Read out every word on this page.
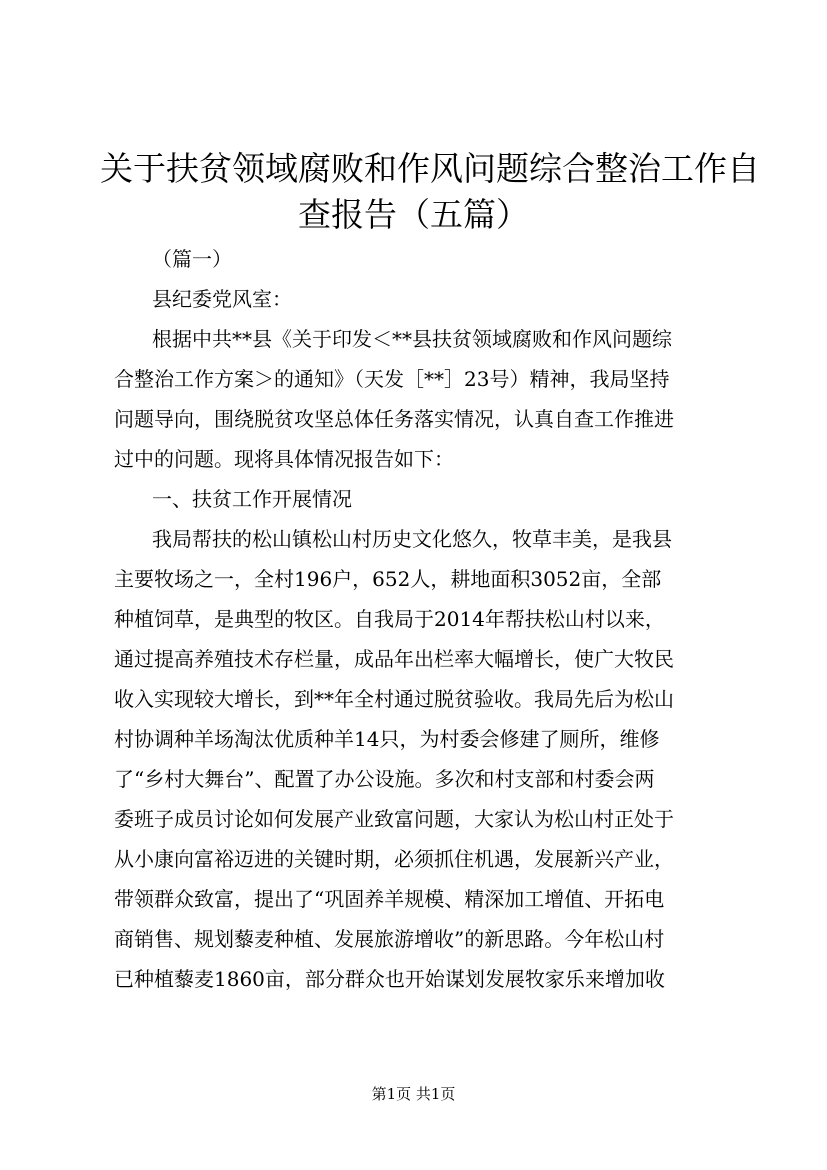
关于扶贫领域腐败和作风问题综合整治工作自
查报告（五篇）
（篇一）
县纪委党风室：
根据中共**县《关于印发＜**县扶贫领域腐败和作风问题综
合整治工作方案＞的通知》（天发［**］23号）精神，我局坚持
问题导向，围绕脱贫攻坚总体任务落实情况，认真自查工作推进
过中的问题。现将具体情况报告如下：
一、扶贫工作开展情况
我局帮扶的松山镇松山村历史文化悠久，牧草丰美，是我县
主要牧场之一，全村196户，652人，耕地面积3052亩，全部
种植饲草，是典型的牧区。自我局于2014年帮扶松山村以来，
通过提高养殖技术存栏量，成品年出栏率大幅增长，使广大牧民
收入实现较大增长，到**年全村通过脱贫验收。我局先后为松山
村协调种羊场淘汰优质种羊14只，为村委会修建了厕所，维修
了“乡村大舞台”、配置了办公设施。多次和村支部和村委会两
委班子成员讨论如何发展产业致富问题，大家认为松山村正处于
从小康向富裕迈进的关键时期，必须抓住机遇，发展新兴产业，
带领群众致富，提出了“巩固养羊规模、精深加工增值、开拓电
商销售、规划藜麦种植、发展旅游增收”的新思路。今年松山村
已种植藜麦1860亩，部分群众也开始谋划发展牧家乐来增加收
第1页 共1页
